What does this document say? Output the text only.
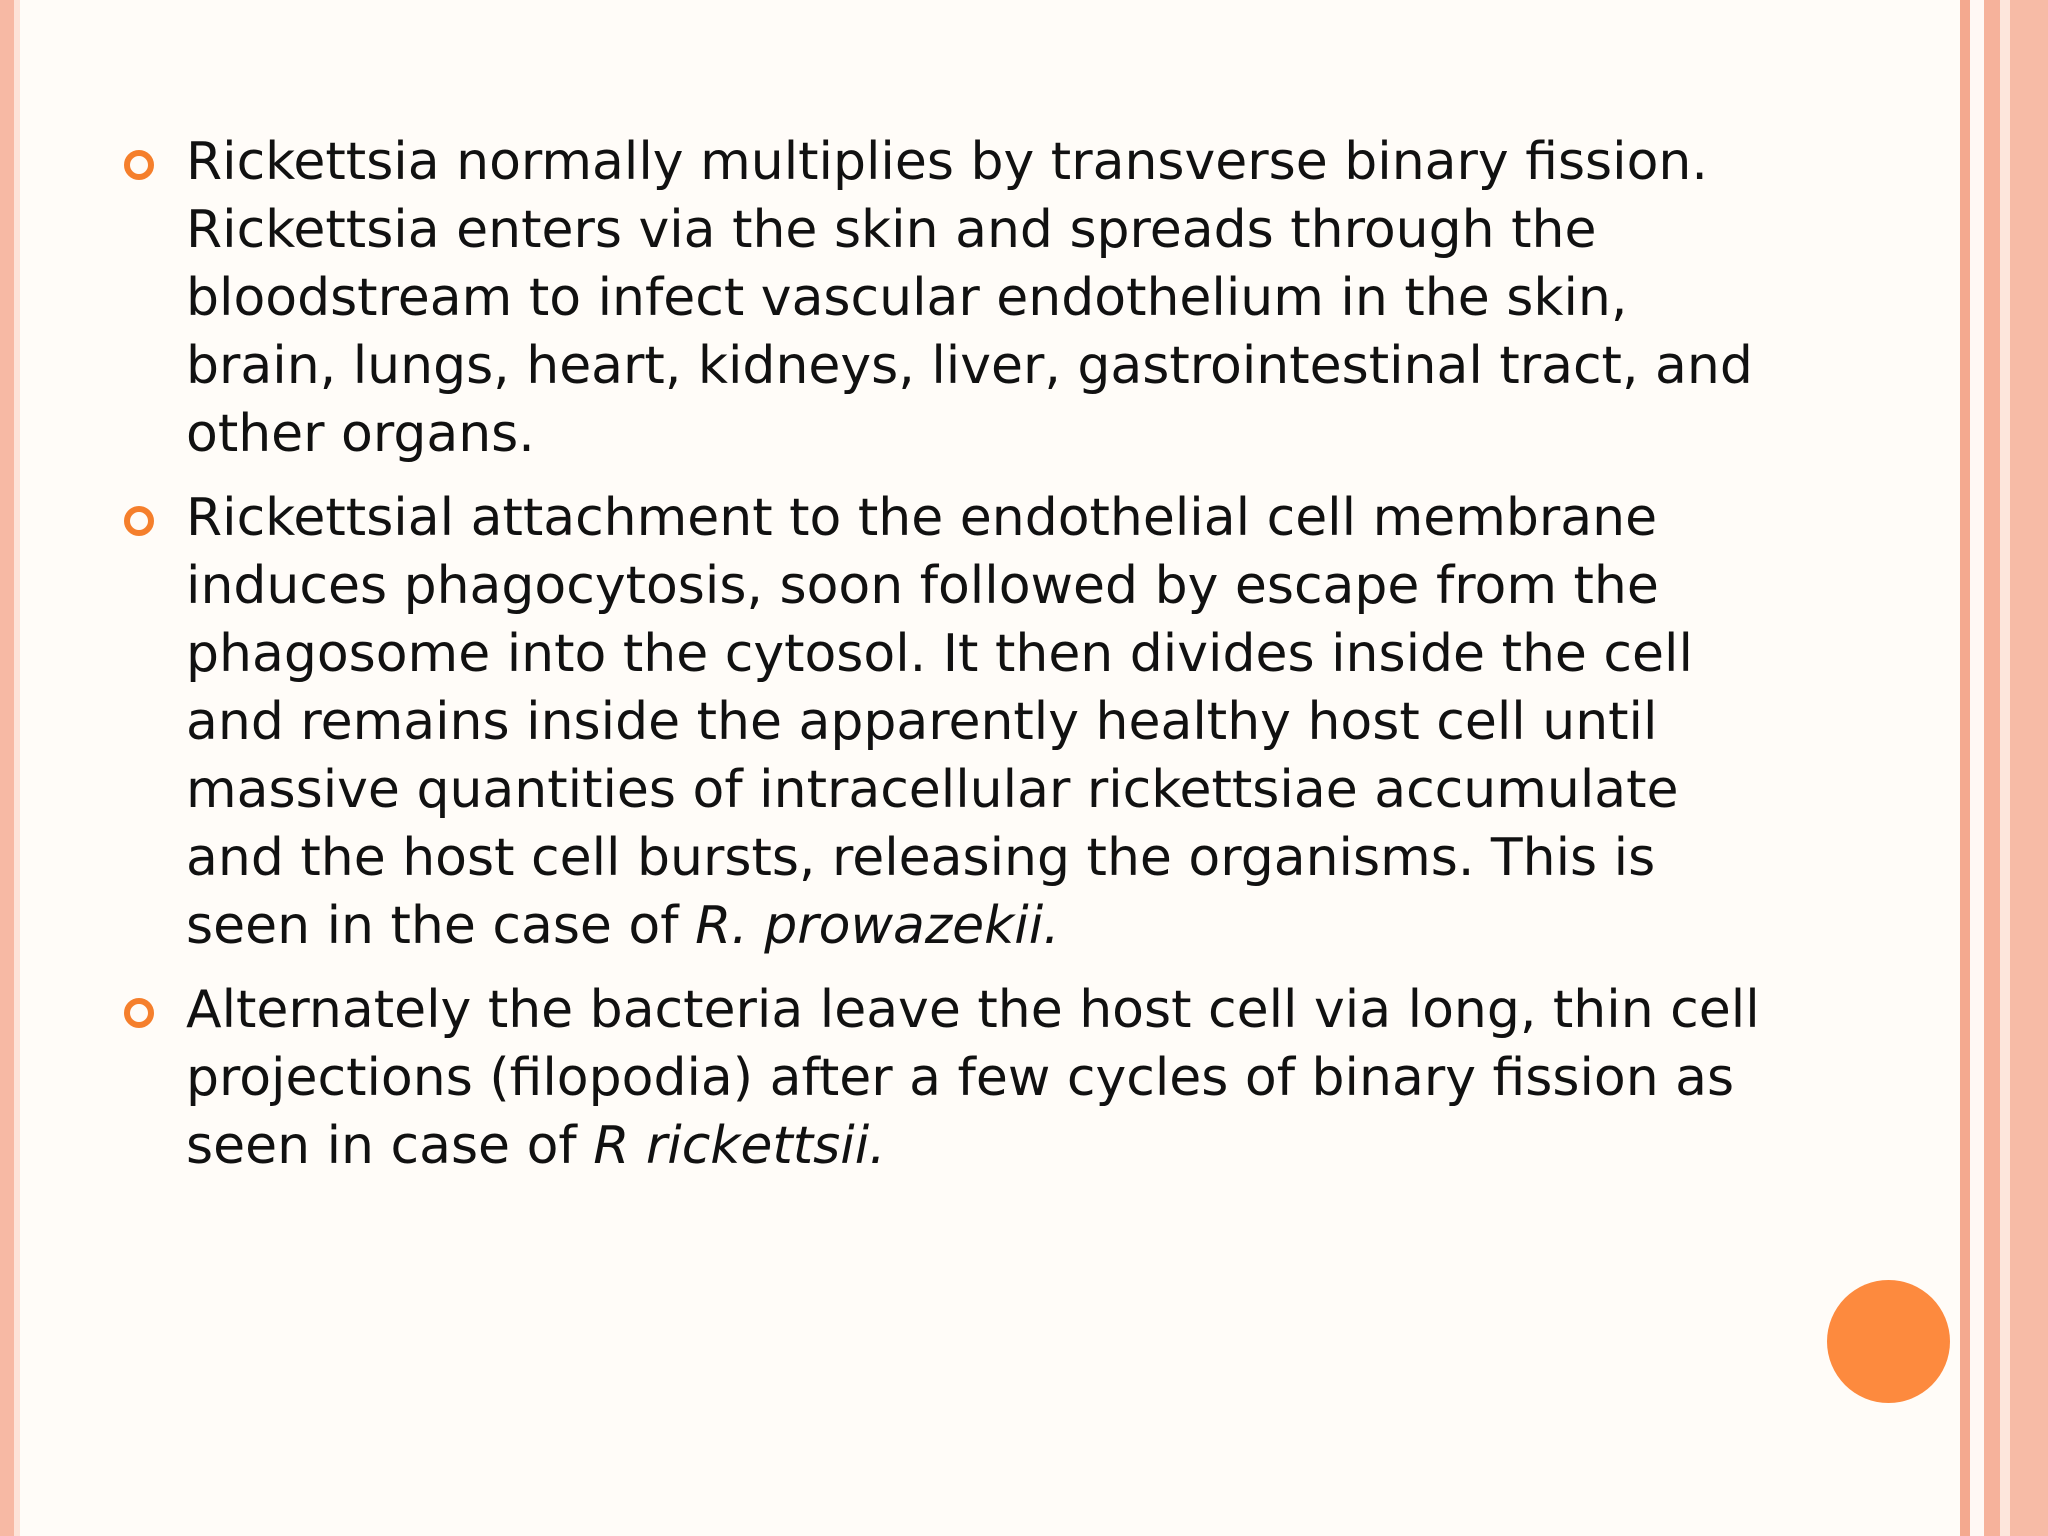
Rickettsia normally multiplies by transverse binary fission. Rickettsia enters via the skin and spreads through the bloodstream to infect vascular endothelium in the skin, brain, lungs, heart, kidneys, liver, gastrointestinal tract, and other organs.
Rickettsial attachment to the endothelial cell membrane induces phagocytosis, soon followed by escape from the phagosome into the cytosol. It then divides inside the cell and remains inside the apparently healthy host cell until massive quantities of intracellular rickettsiae accumulate and the host cell bursts, releasing the organisms. This is seen in the case of R. prowazekii.
Alternately the bacteria leave the host cell via long, thin cell projections (filopodia) after a few cycles of binary fission as seen in case of R rickettsii.
